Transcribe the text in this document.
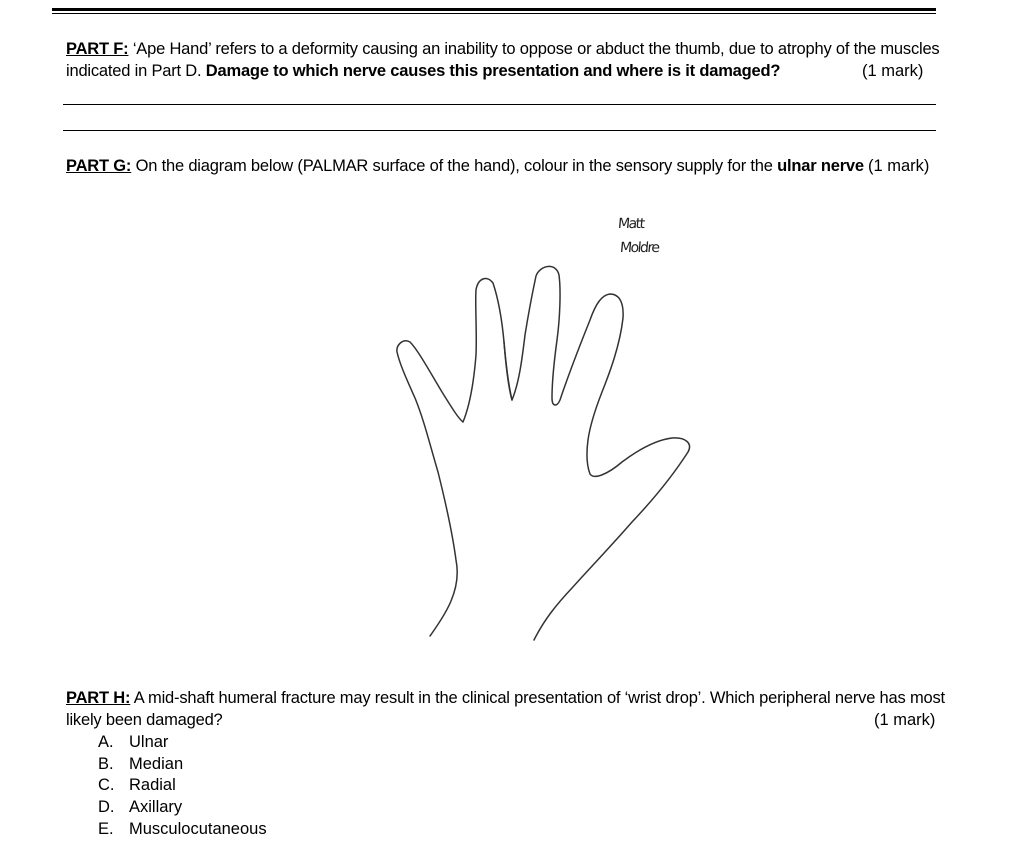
PART F: ‘Ape Hand’ refers to a deformity causing an inability to oppose or abduct the thumb, due to atrophy of the muscles
indicated in Part D. Damage to which nerve causes this presentation and where is it damaged?	(1 mark)
PART G: On the diagram below (PALMAR surface of the hand), colour in the sensory supply for the ulnar nerve (1 mark)
Matt
Moldre
PART H: A mid-shaft humeral fracture may result in the clinical presentation of ‘wrist drop’. Which peripheral nerve has most
likely been damaged?	(1 mark)
A. Ulnar
B. Median
C. Radial
D. Axillary
E. Musculocutaneous
